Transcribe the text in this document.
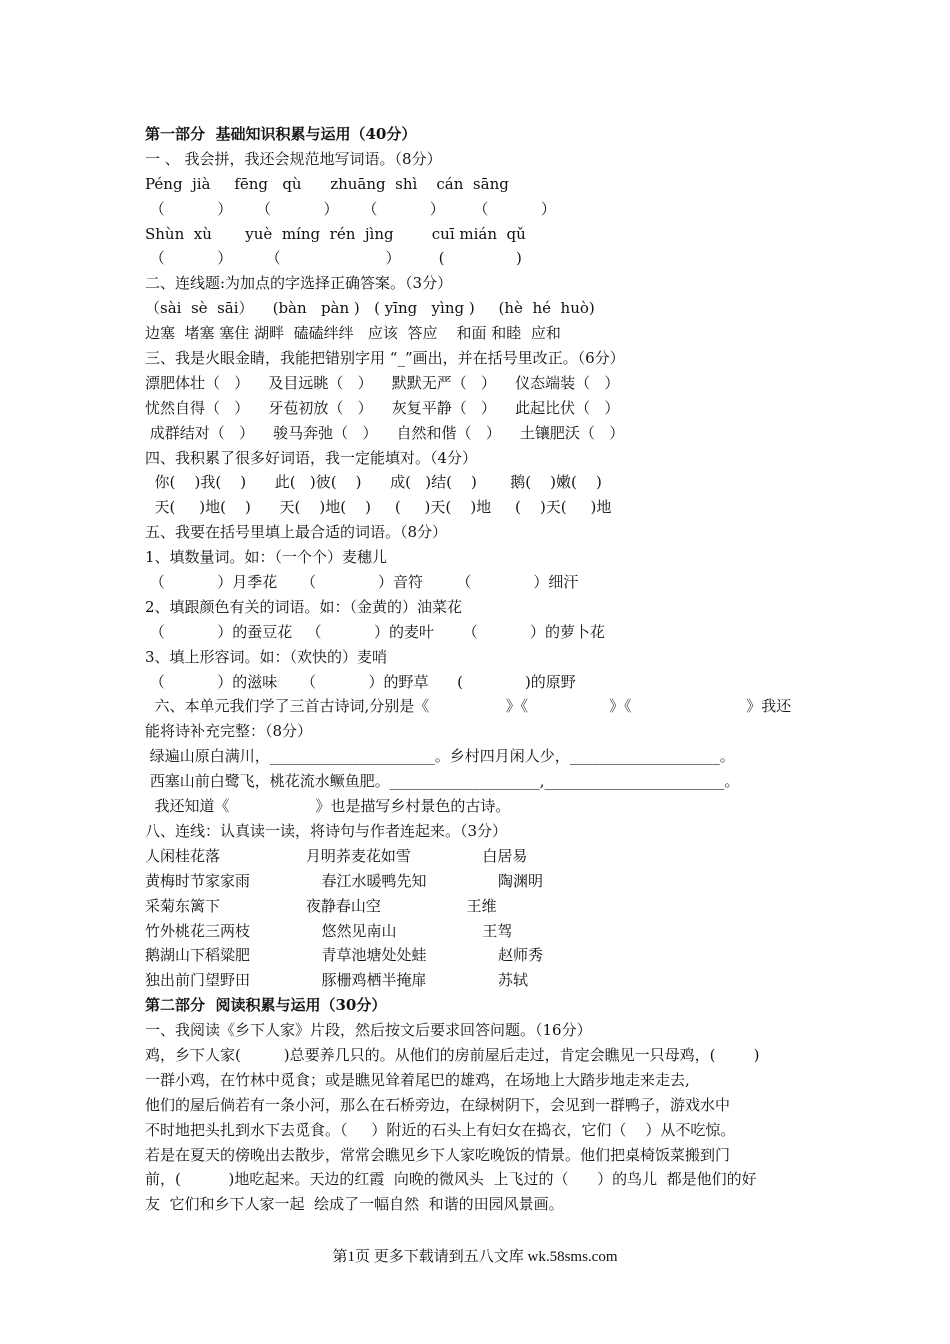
第一部分  基础知识积累与运用（40分）
一 、 我会拼，我还会规范地写词语。（8分）
Péng  jià     fēng   qù      zhuāng  shì    cán  sāng
（           ）     （           ）     （           ）      （           ）
Shùn  xù       yuè  míng  rén  jìng        cuī mián  qǔ
（           ）       （                      ）        (               )
二、连线题:为加点的字选择正确答案。（3分）
（sài  sè  sāi）    (bàn   pàn )   ( yīng   yìng )     (hè  hé  huò)
边塞  堵塞 塞住 湖畔  磕磕绊绊   应该  答应    和面 和睦  应和
三、我是火眼金睛，我能把错别字用 “_”画出，并在括号里改正。（6分）
漂肥体壮（   ）    及目远眺（   ）    默默无严（   ）    仪态端装（   ）
忧然自得（   ）    牙苞初放（   ）    灰复平静（   ）    此起比伏（   ）
成群结对（   ）    骏马奔弛（   ）    自然和偕（   ）    土镶肥沃（   ）
四、我积累了很多好词语，我一定能填对。（4分）
你(    )我(    )      此(   )彼(    )      成(   )结(    )       鹅(    )嫩(    )
天(     )地(    )      天(    )地(    )     (     )天(    )地     (    )天(     )地
五、我要在括号里填上最合适的词语。（8分）
1、填数量词。如：（一个个）麦穗儿
（           ）月季花     （             ）音符       （             ）细汗
2、填跟颜色有关的词语。如：（金黄的）油菜花
（           ）的蚕豆花   （           ）的麦叶      （           ）的萝卜花
3、填上形容词。如：（欢快的）麦哨
（           ）的滋味     （           ）的野草      (             )的原野
六、本单元我们学了三首古诗词,分别是《                》《                 》《                        》我还
能将诗补充完整：（8分）
绿遍山原白满川，______________________。乡村四月闲人少，____________________。
西塞山前白鹭飞，桃花流水鳜鱼肥。____________________,________________________。
我还知道《                  》也是描写乡村景色的古诗。
八、连线：认真读一读，将诗句与作者连起来。（3分）
人闲桂花落                  月明荞麦花如雪               白居易
黄梅时节家家雨               春江水暖鸭先知               陶渊明
采菊东篱下                  夜静春山空                  王维
竹外桃花三两枝               悠然见南山                  王驾
鹅湖山下稻粱肥               青草池塘处处蛙               赵师秀
独出前门望野田               豚栅鸡栖半掩扉               苏轼
第二部分  阅读积累与运用（30分）
一、我阅读《乡下人家》片段，然后按文后要求回答问题。（16分）
鸡，乡下人家(         )总要养几只的。从他们的房前屋后走过，肯定会瞧见一只母鸡，(        )
一群小鸡，在竹林中觅食；或是瞧见耸着尾巴的雄鸡，在场地上大踏步地走来走去,
他们的屋后倘若有一条小河，那么在石桥旁边，在绿树阴下，会见到一群鸭子，游戏水中
不时地把头扎到水下去觅食。（     ）附近的石头上有妇女在捣衣，它们（    ）从不吃惊。
若是在夏天的傍晚出去散步，常常会瞧见乡下人家吃晚饭的情景。他们把桌椅饭菜搬到门
前，(          )地吃起来。天边的红霞  向晚的微风头  上飞过的（      ）的鸟儿  都是他们的好
友  它们和乡下人家一起  绘成了一幅自然  和谐的田园风景画。
第1页 更多下载请到五八文库 wk.58sms.com
